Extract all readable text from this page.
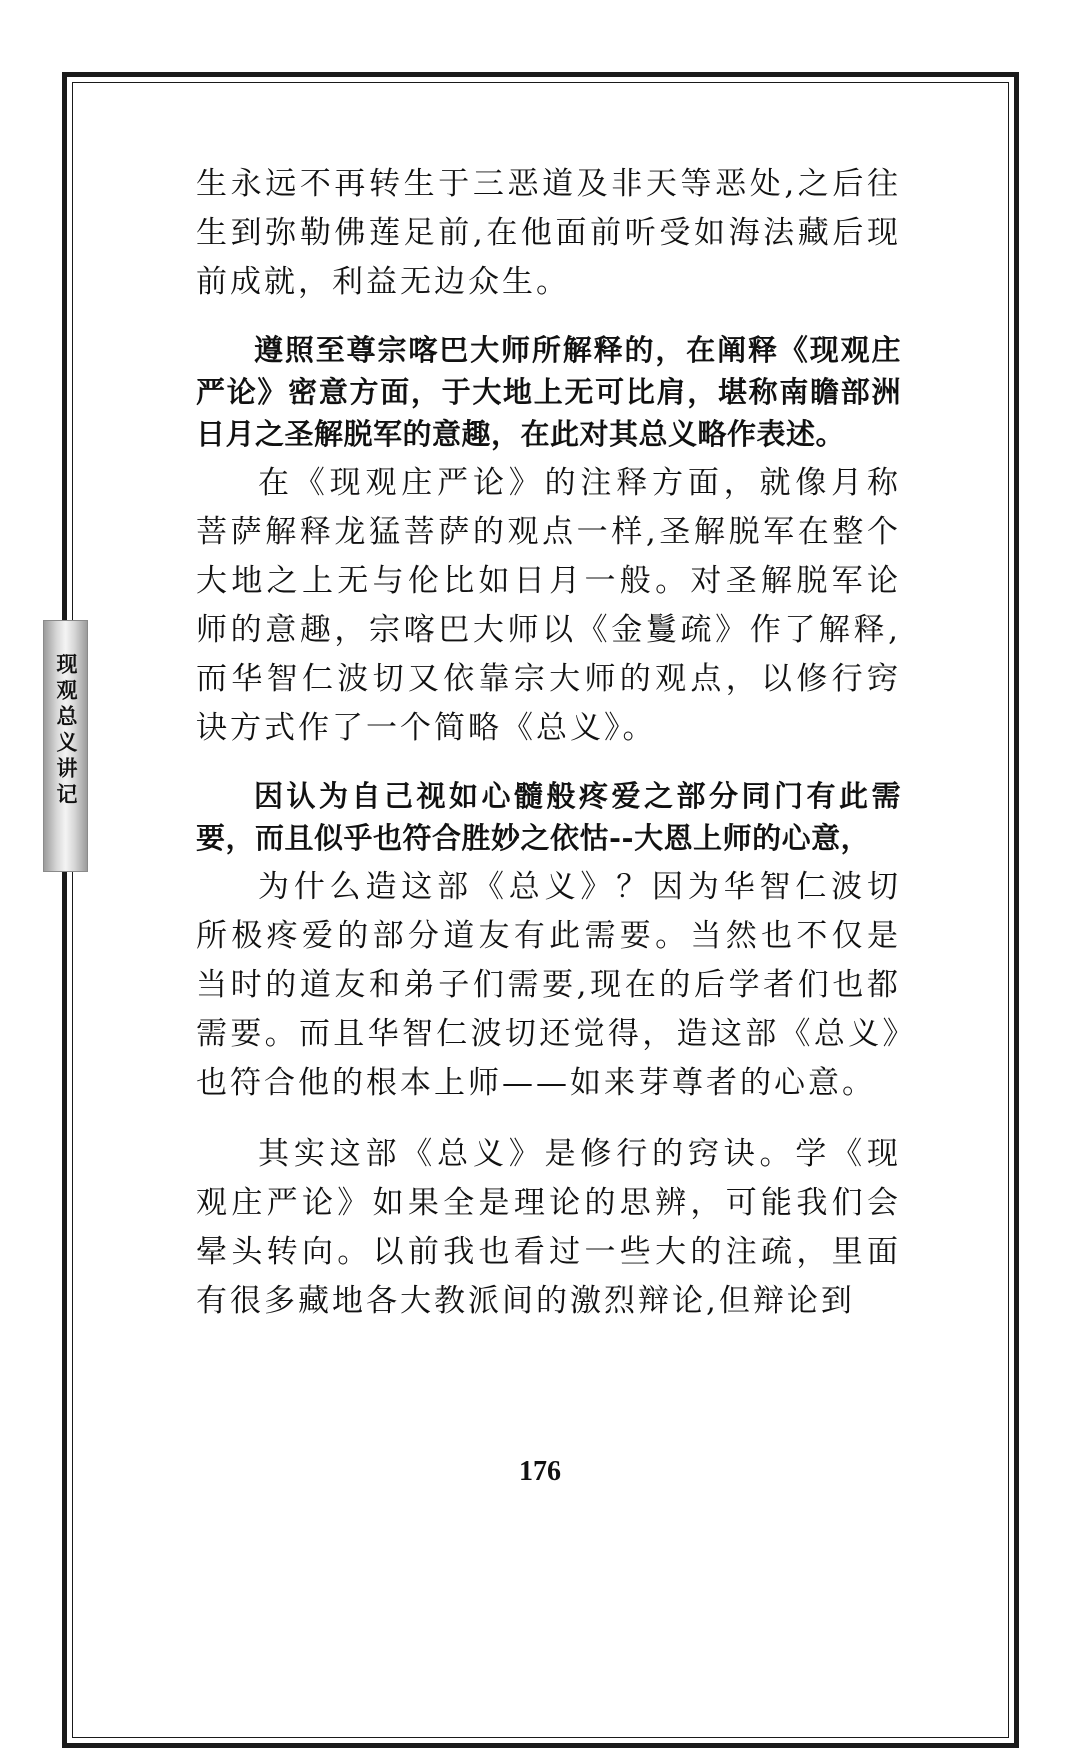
现观总义讲记

生永远不再转生于三恶道及非天等恶处,之后往生到弥勒佛莲足前,在他面前听受如海法藏后现前成就，利益无边众生。

遵照至尊宗喀巴大师所解释的，在阐释《现观庄严论》密意方面，于大地上无可比肩，堪称南瞻部洲日月之圣解脱军的意趣，在此对其总义略作表述。

在《现观庄严论》的注释方面，就像月称菩萨解释龙猛菩萨的观点一样,圣解脱军在整个大地之上无与伦比如日月一般。对圣解脱军论师的意趣，宗喀巴大师以《金鬘疏》作了解释,而华智仁波切又依靠宗大师的观点，以修行窍诀方式作了一个简略《总义》。

因认为自己视如心髓般疼爱之部分同门有此需要，而且似乎也符合胜妙之依怙--大恩上师的心意，

为什么造这部《总义》？因为华智仁波切所极疼爱的部分道友有此需要。当然也不仅是当时的道友和弟子们需要,现在的后学者们也都需要。而且华智仁波切还觉得，造这部《总义》也符合他的根本上师——如来芽尊者的心意。

其实这部《总义》是修行的窍诀。学《现观庄严论》如果全是理论的思辨，可能我们会晕头转向。以前我也看过一些大的注疏，里面有很多藏地各大教派间的激烈辩论,但辩论到

176
